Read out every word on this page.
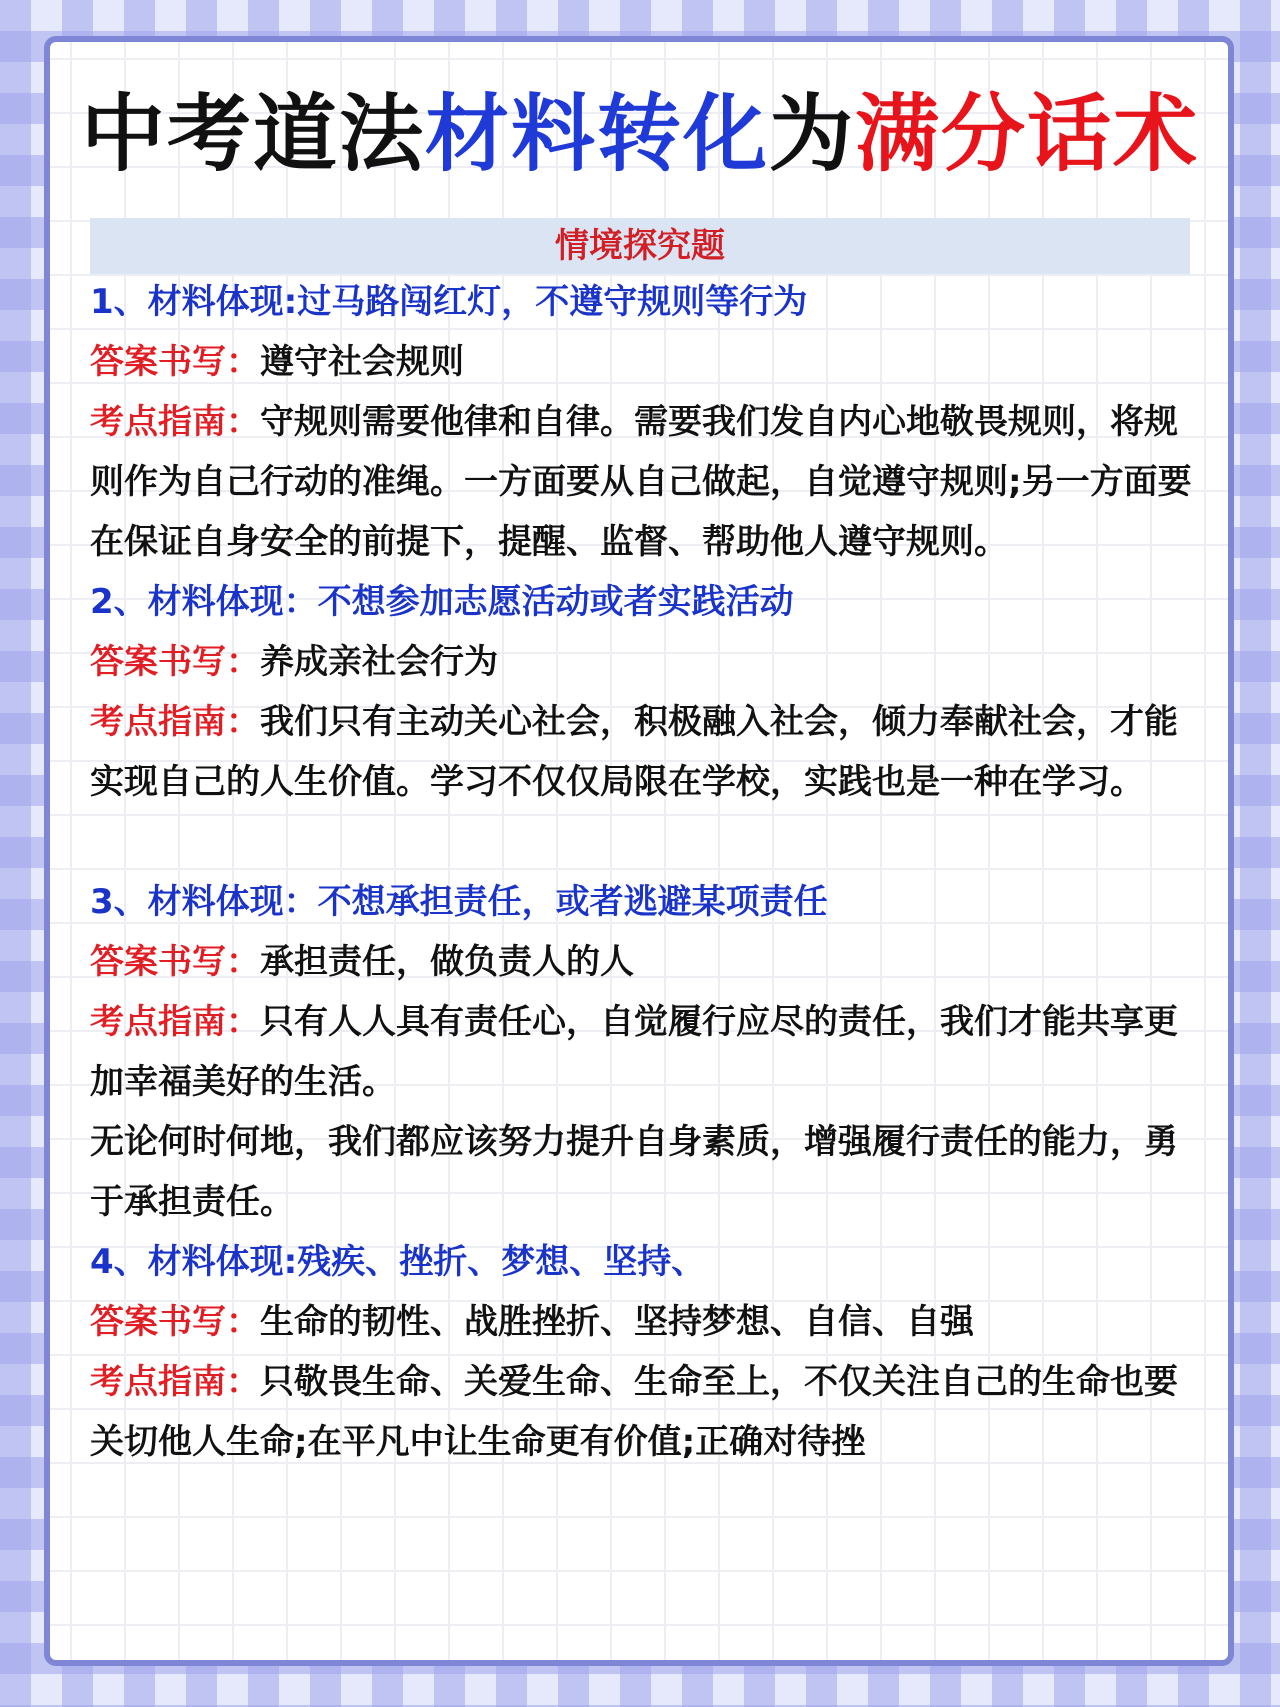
中考道法材料转化为满分话术
情境探究题

1、材料体现:过马路闯红灯，不遵守规则等行为

答案书写：遵守社会规则

考点指南：守规则需要他律和自律。需要我们发自内心地敬畏规则，将规则作为自己行动的准绳。一方面要从自己做起，自觉遵守规则;另一方面要在保证自身安全的前提下，提醒、监督、帮助他人遵守规则。

2、材料体现：不想参加志愿活动或者实践活动

答案书写：养成亲社会行为

考点指南：我们只有主动关心社会，积极融入社会，倾力奉献社会，才能实现自己的人生价值。学习不仅仅局限在学校，实践也是一种在学习。

3、材料体现：不想承担责任，或者逃避某项责任

答案书写：承担责任，做负责人的人

考点指南：只有人人具有责任心，自觉履行应尽的责任，我们才能共享更加幸福美好的生活。

无论何时何地，我们都应该努力提升自身素质，增强履行责任的能力，勇于承担责任。

4、材料体现:残疾、挫折、梦想、坚持、

答案书写：生命的韧性、战胜挫折、坚持梦想、自信、自强

考点指南：只敬畏生命、关爱生命、生命至上，不仅关注自己的生命也要关切他人生命;在平凡中让生命更有价值;正确对待挫
